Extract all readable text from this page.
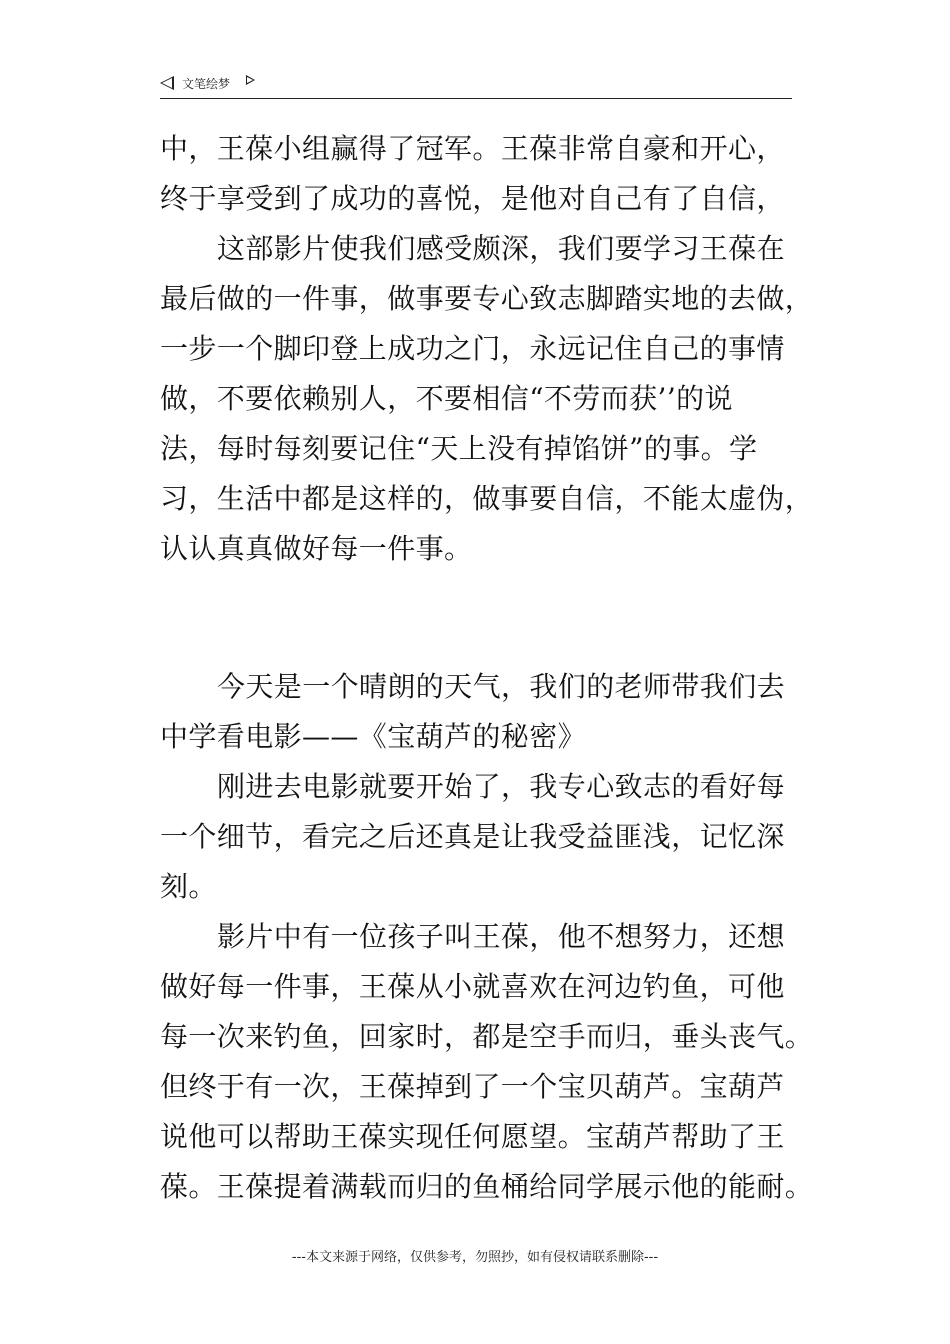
文笔绘梦
中，王葆小组赢得了冠军。王葆非常自豪和开心，
终于享受到了成功的喜悦，是他对自己有了自信，
这部影片使我们感受颇深，我们要学习王葆在
最后做的一件事，做事要专心致志脚踏实地的去做，
一步一个脚印登上成功之门，永远记住自己的事情
做，不要依赖别人，不要相信“不劳而获’’的说
法，每时每刻要记住“天上没有掉馅饼”的事。学
习，生活中都是这样的，做事要自信，不能太虚伪，
认认真真做好每一件事。
今天是一个晴朗的天气，我们的老师带我们去
中学看电影——《宝葫芦的秘密》
刚进去电影就要开始了，我专心致志的看好每
一个细节，看完之后还真是让我受益匪浅，记忆深
刻。
影片中有一位孩子叫王葆，他不想努力，还想
做好每一件事，王葆从小就喜欢在河边钓鱼，可他
每一次来钓鱼，回家时，都是空手而归，垂头丧气。
但终于有一次，王葆掉到了一个宝贝葫芦。宝葫芦
说他可以帮助王葆实现任何愿望。宝葫芦帮助了王
葆。王葆提着满载而归的鱼桶给同学展示他的能耐。
---本文来源于网络，仅供参考，勿照抄，如有侵权请联系删除---
